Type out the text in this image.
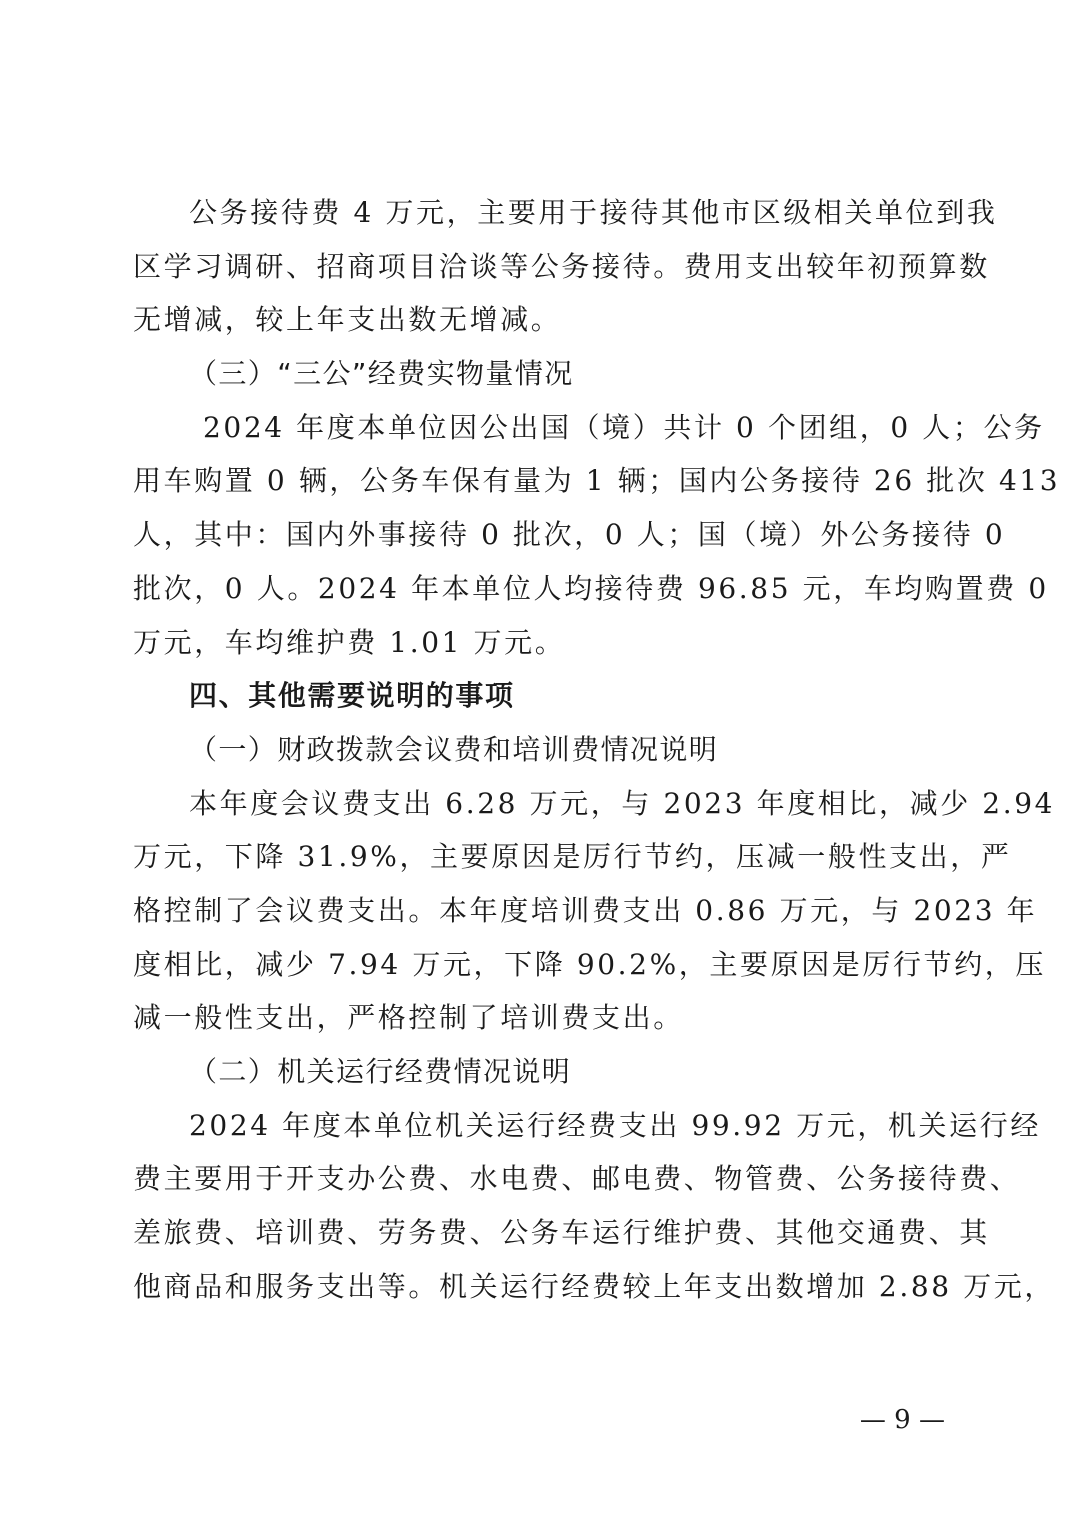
公务接待费 4 万元，主要用于接待其他市区级相关单位到我
区学习调研、招商项目洽谈等公务接待。费用支出较年初预算数
无增减，较上年支出数无增减。
（三）“三公”经费实物量情况
2024 年度本单位因公出国（境）共计 0 个团组，0 人；公务
用车购置 0 辆，公务车保有量为 1 辆；国内公务接待 26 批次 413
人，其中：国内外事接待 0 批次，0 人；国（境）外公务接待 0
批次，0 人。2024 年本单位人均接待费 96.85 元，车均购置费 0
万元，车均维护费 1.01 万元。
四、其他需要说明的事项
（一）财政拨款会议费和培训费情况说明
本年度会议费支出 6.28 万元，与 2023 年度相比，减少 2.94
万元，下降 31.9%，主要原因是厉行节约，压减一般性支出，严
格控制了会议费支出。本年度培训费支出 0.86 万元，与 2023 年
度相比，减少 7.94 万元，下降 90.2%，主要原因是厉行节约，压
减一般性支出，严格控制了培训费支出。
（二）机关运行经费情况说明
2024 年度本单位机关运行经费支出 99.92 万元，机关运行经
费主要用于开支办公费、水电费、邮电费、物管费、公务接待费、
差旅费、培训费、劳务费、公务车运行维护费、其他交通费、其
他商品和服务支出等。机关运行经费较上年支出数增加 2.88 万元，
— 9 —
